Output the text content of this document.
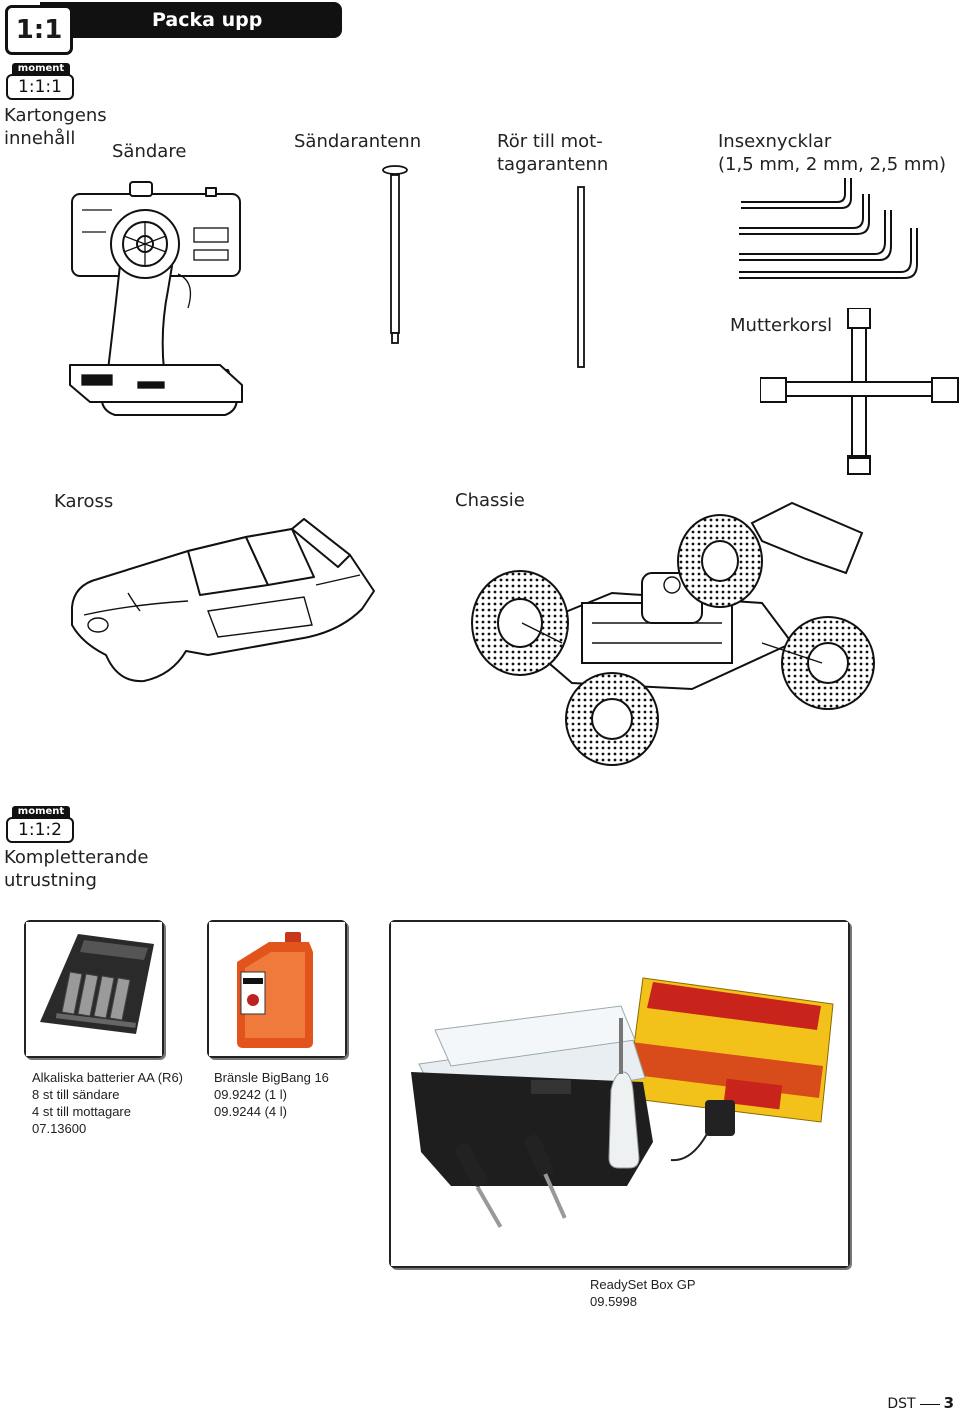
Packa upp
1:1
moment
1:1:1
Kartongens
innehåll
Sändare	Sändarantenn	Rör till mot-
tagarantenn
Insexnycklar
(1,5 mm, 2 mm, 2,5 mm)
Mutterkorsl
Kaross	Chassie
moment
1:1:2
Kompletterande
utrustning
Alkaliska batterier AA (R6)
8 st till sändare
4 st till mottagare
07.13600
Bränsle BigBang 16
09.9242 (1 l)
09.9244 (4 l)
ReadySet Box GP
09.5998
DST 3
